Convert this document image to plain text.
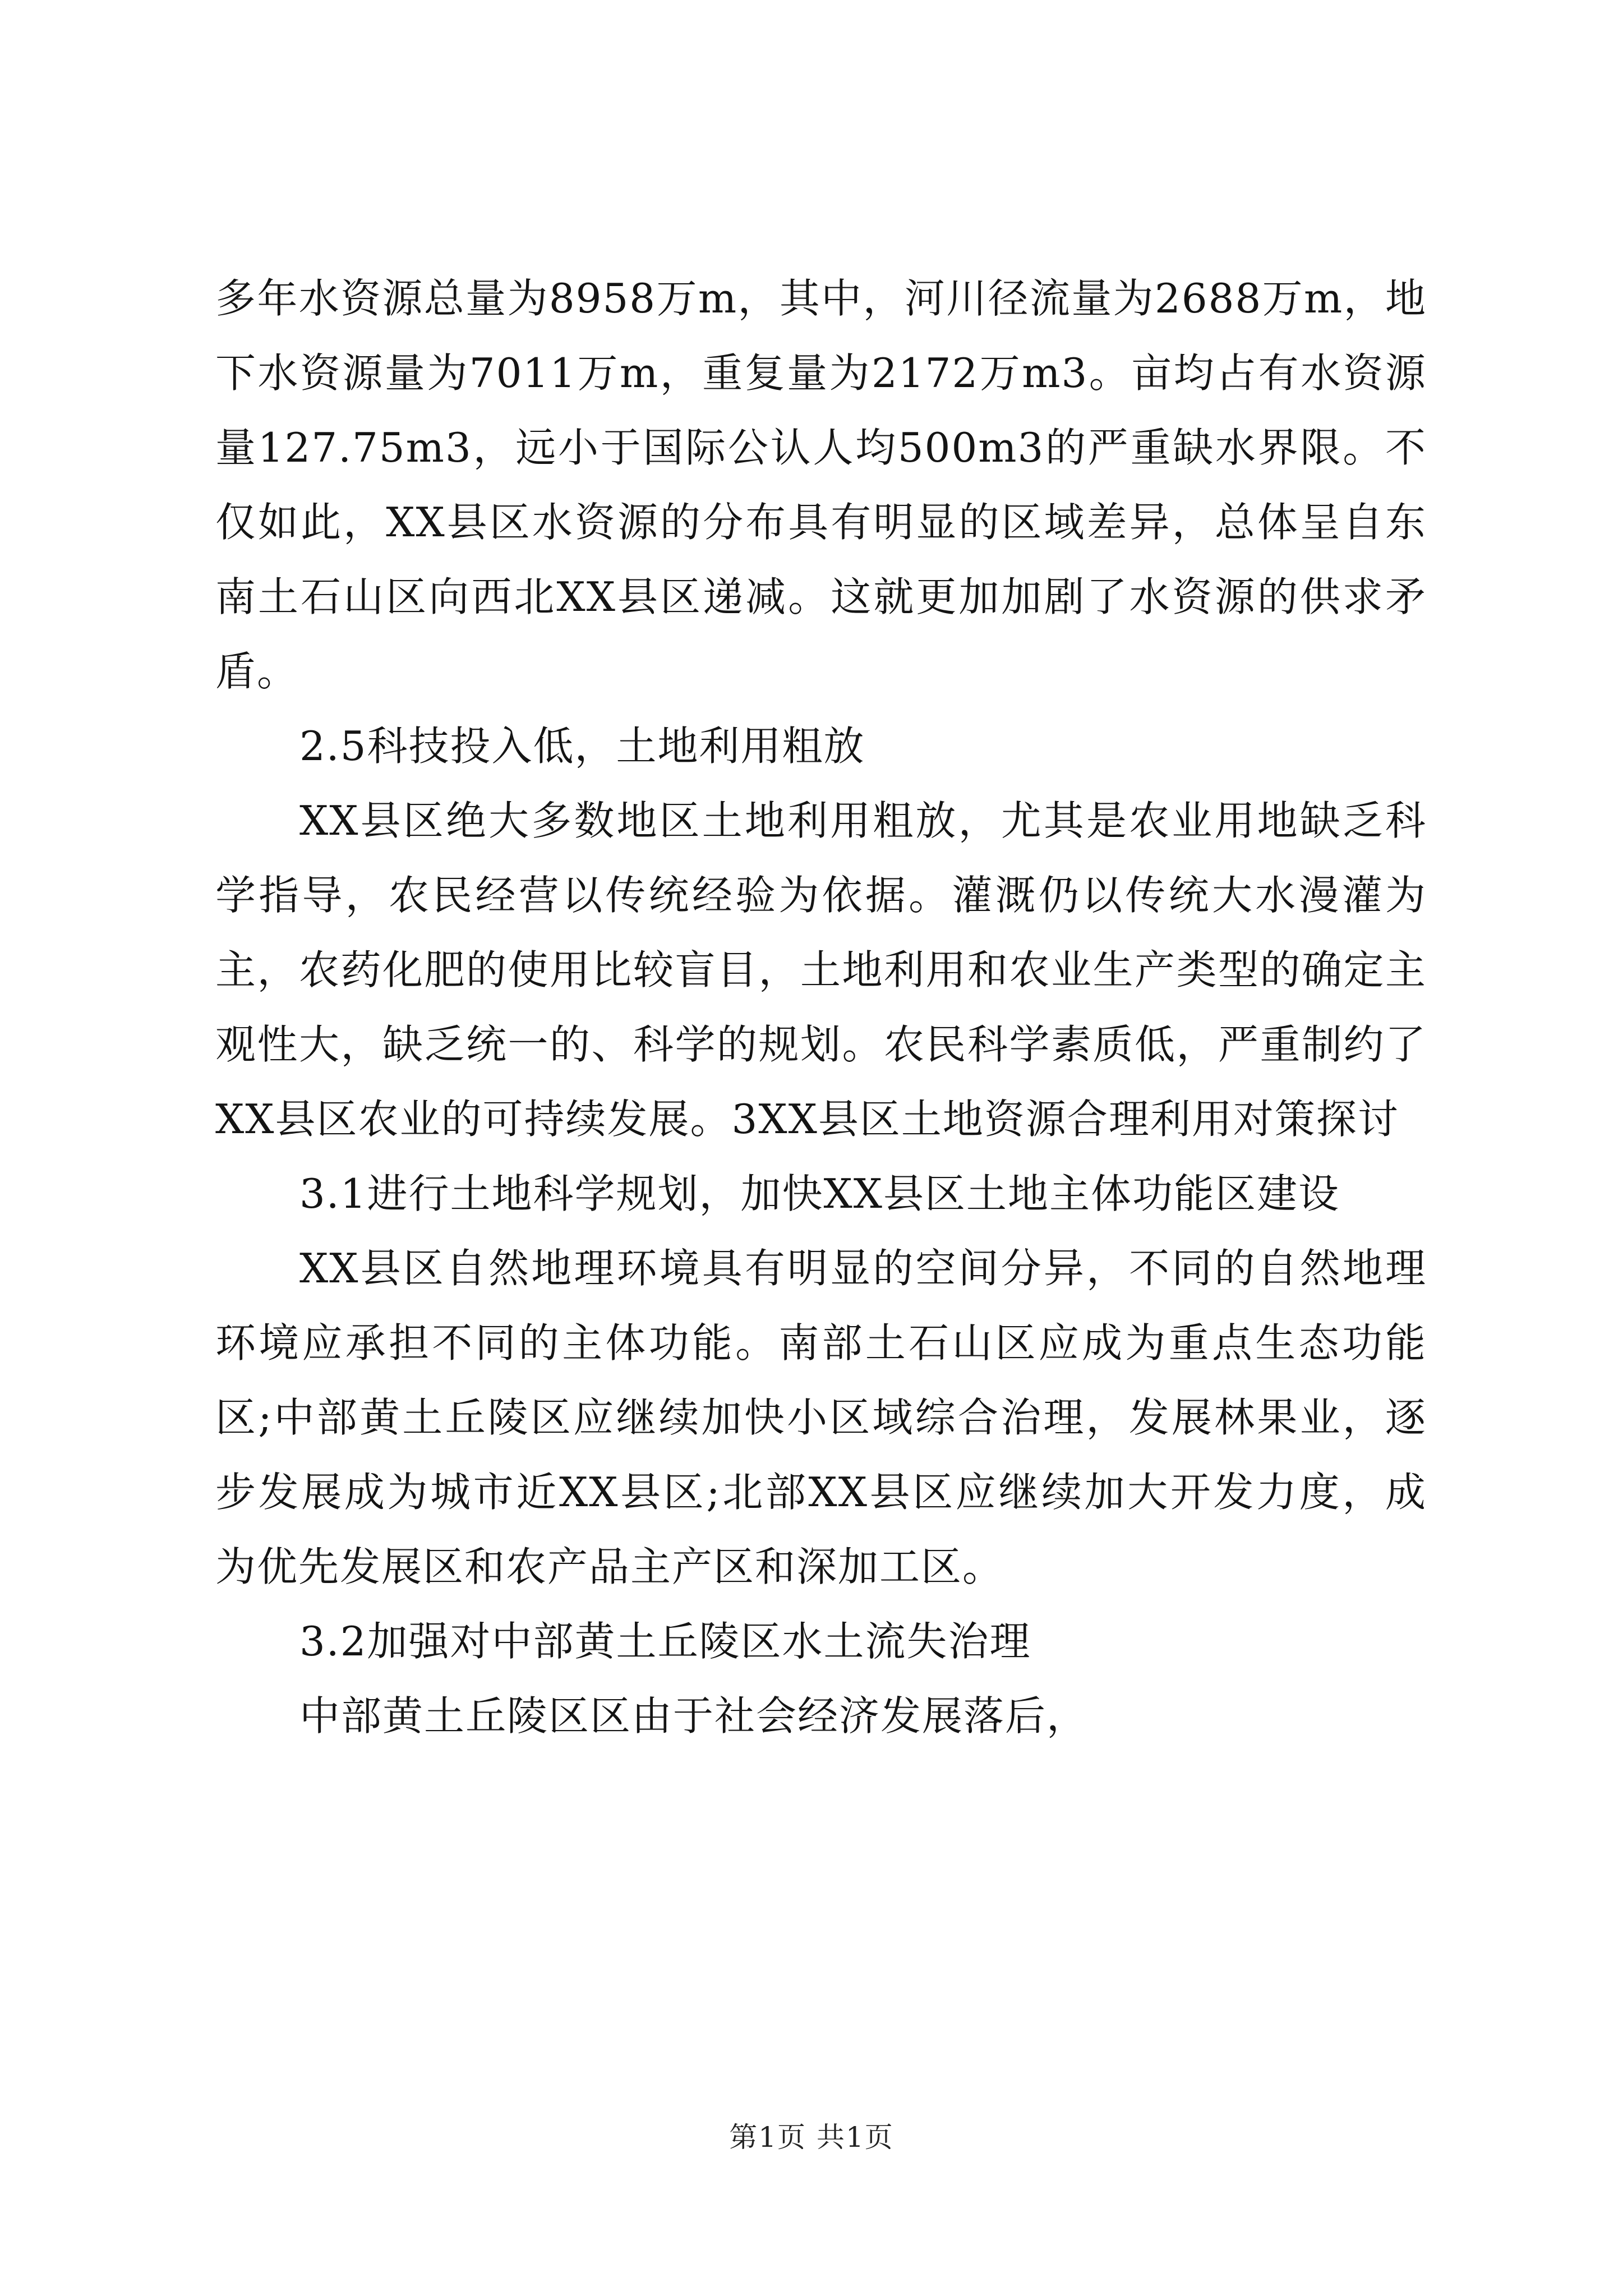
多年水资源总量为8958万m，其中，河川径流量为2688万m，地下水资源量为7011万m，重复量为2172万m3。亩均占有水资源量127.75m3，远小于国际公认人均500m3的严重缺水界限。不仅如此，XX县区水资源的分布具有明显的区域差异，总体呈自东南土石山区向西北XX县区递减。这就更加加剧了水资源的供求矛盾。

2.5科技投入低，土地利用粗放

XX县区绝大多数地区土地利用粗放，尤其是农业用地缺乏科学指导，农民经营以传统经验为依据。灌溉仍以传统大水漫灌为主，农药化肥的使用比较盲目，土地利用和农业生产类型的确定主观性大，缺乏统一的、科学的规划。农民科学素质低，严重制约了XX县区农业的可持续发展。3XX县区土地资源合理利用对策探讨

3.1进行土地科学规划，加快XX县区土地主体功能区建设

XX县区自然地理环境具有明显的空间分异，不同的自然地理环境应承担不同的主体功能。南部土石山区应成为重点生态功能区;中部黄土丘陵区应继续加快小区域综合治理，发展林果业，逐步发展成为城市近XX县区;北部XX县区应继续加大开发力度，成为优先发展区和农产品主产区和深加工区。

3.2加强对中部黄土丘陵区水土流失治理

中部黄土丘陵区区由于社会经济发展落后，

第1页 共1页
